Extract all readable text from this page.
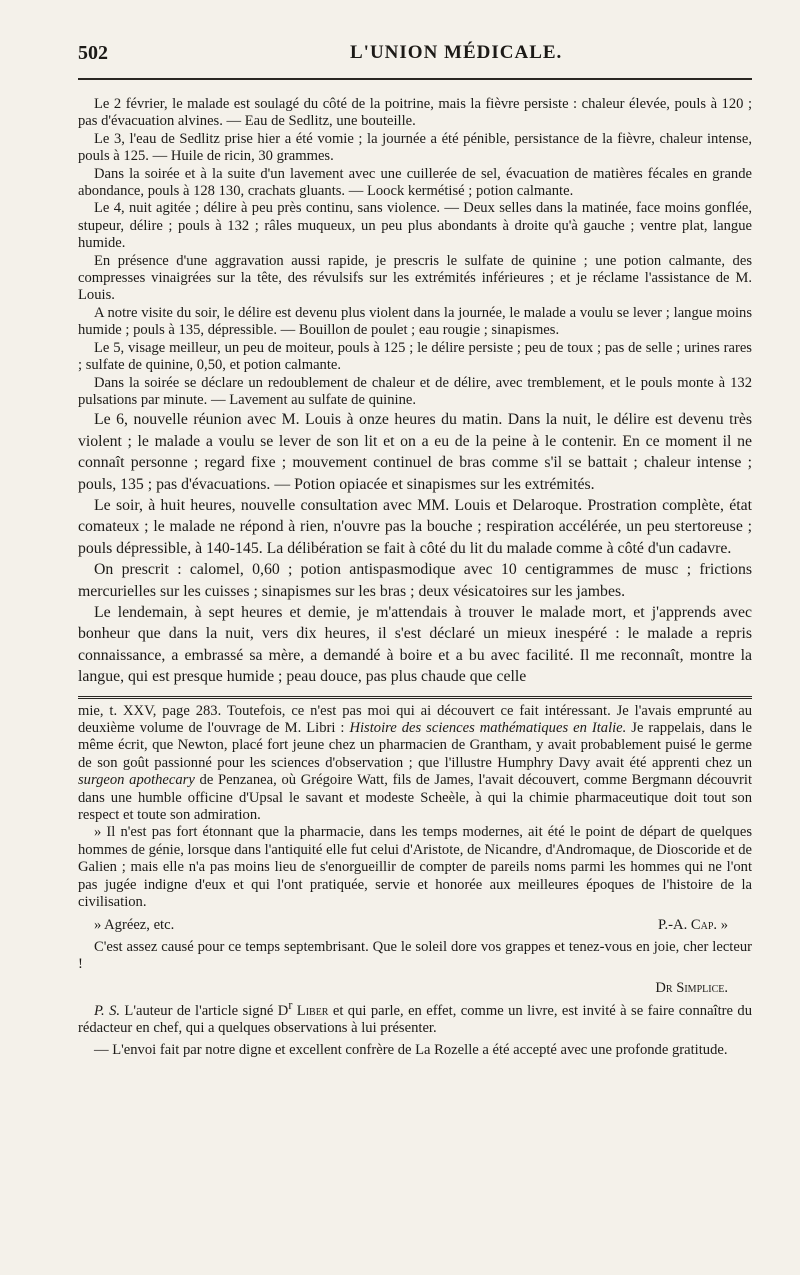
502	L'UNION MÉDICALE.

Le 2 février, le malade est soulagé du côté de la poitrine, mais la fièvre persiste : chaleur élevée, pouls à 120 ; pas d'évacuation alvines. — Eau de Sedlitz, une bouteille.

Le 3, l'eau de Sedlitz prise hier a été vomie ; la journée a été pénible, persistance de la fièvre, chaleur intense, pouls à 125. — Huile de ricin, 30 grammes.

Dans la soirée et à la suite d'un lavement avec une cuillerée de sel, évacuation de matières fécales en grande abondance, pouls à 128 130, crachats gluants. — Loock kermétisé ; potion calmante.

Le 4, nuit agitée ; délire à peu près continu, sans violence. — Deux selles dans la matinée, face moins gonflée, stupeur, délire ; pouls à 132 ; râles muqueux, un peu plus abondants à droite qu'à gauche ; ventre plat, langue humide.

En présence d'une aggravation aussi rapide, je prescris le sulfate de quinine ; une potion calmante, des compresses vinaigrées sur la tête, des révulsifs sur les extrémités inférieures ; et je réclame l'assistance de M. Louis.

A notre visite du soir, le délire est devenu plus violent dans la journée, le malade a voulu se lever ; langue moins humide ; pouls à 135, dépressible. — Bouillon de poulet ; eau rougie ; sinapismes.

Le 5, visage meilleur, un peu de moiteur, pouls à 125 ; le délire persiste ; peu de toux ; pas de selle ; urines rares ; sulfate de quinine, 0,50, et potion calmante.

Dans la soirée se déclare un redoublement de chaleur et de délire, avec tremblement, et le pouls monte à 132 pulsations par minute. — Lavement au sulfate de quinine.

Le 6, nouvelle réunion avec M. Louis à onze heures du matin. Dans la nuit, le délire est devenu très violent ; le malade a voulu se lever de son lit et on a eu de la peine à le contenir. En ce moment il ne connaît personne ; regard fixe ; mouvement continuel de bras comme s'il se battait ; chaleur intense ; pouls, 135 ; pas d'évacuations. — Potion opiacée et sinapismes sur les extrémités.

Le soir, à huit heures, nouvelle consultation avec MM. Louis et Delaroque. Prostration complète, état comateux ; le malade ne répond à rien, n'ouvre pas la bouche ; respiration accélérée, un peu stertoreuse ; pouls dépressible, à 140-145. La délibération se fait à côté du lit du malade comme à côté d'un cadavre.

On prescrit : calomel, 0,60 ; potion antispasmodique avec 10 centigrammes de musc ; frictions mercurielles sur les cuisses ; sinapismes sur les bras ; deux vésicatoires sur les jambes.

Le lendemain, à sept heures et demie, je m'attendais à trouver le malade mort, et j'apprends avec bonheur que dans la nuit, vers dix heures, il s'est déclaré un mieux inespéré : le malade a repris connaissance, a embrassé sa mère, a demandé à boire et a bu avec facilité. Il me reconnaît, montre la langue, qui est presque humide ; peau douce, pas plus chaude que celle

mie, t. XXV, page 283. Toutefois, ce n'est pas moi qui ai découvert ce fait intéressant. Je l'avais emprunté au deuxième volume de l'ouvrage de M. Libri : Histoire des sciences mathématiques en Italie. Je rappelais, dans le même écrit, que Newton, placé fort jeune chez un pharmacien de Grantham, y avait probablement puisé le germe de son goût passionné pour les sciences d'observation ; que l'illustre Humphry Davy avait été apprenti chez un surgeon apothecary de Penzanea, où Grégoire Watt, fils de James, l'avait découvert, comme Bergmann découvrit dans une humble officine d'Upsal le savant et modeste Scheèle, à qui la chimie pharmaceutique doit tout son respect et toute son admiration.

» Il n'est pas fort étonnant que la pharmacie, dans les temps modernes, ait été le point de départ de quelques hommes de génie, lorsque dans l'antiquité elle fut celui d'Aristote, de Nicandre, d'Andromaque, de Dioscoride et de Galien ; mais elle n'a pas moins lieu de s'enorgueillir de compter de pareils noms parmi les hommes qui ne l'ont pas jugée indigne d'eux et qui l'ont pratiquée, servie et honorée aux meilleures époques de l'histoire de la civilisation.

» Agréez, etc.	P.-A. Cap. »

C'est assez causé pour ce temps septembrisant. Que le soleil dore vos grappes et tenez-vous en joie, cher lecteur !

Dr Simplice.

P. S. L'auteur de l'article signé $D^r$ Liber et qui parle, en effet, comme un livre, est invité à se faire connaître du rédacteur en chef, qui a quelques observations à lui présenter.

— L'envoi fait par notre digne et excellent confrère de La Rozelle a été accepté avec une profonde gratitude.
